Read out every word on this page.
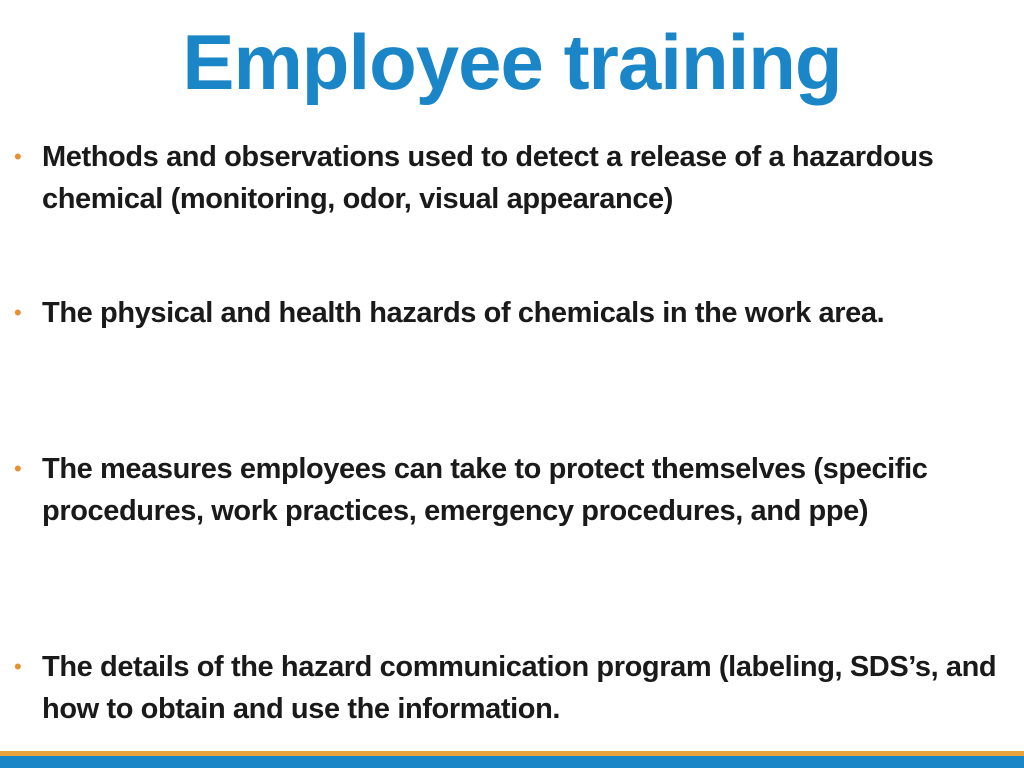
Employee training
• Methods and observations used to detect a release of a hazardous chemical (monitoring, odor, visual appearance)
• The physical and health hazards of chemicals in the work area.
• The measures employees can take to protect themselves (specific procedures, work practices, emergency procedures, and ppe)
• The details of the hazard communication program (labeling, SDS’s, and how to obtain and use the information.
